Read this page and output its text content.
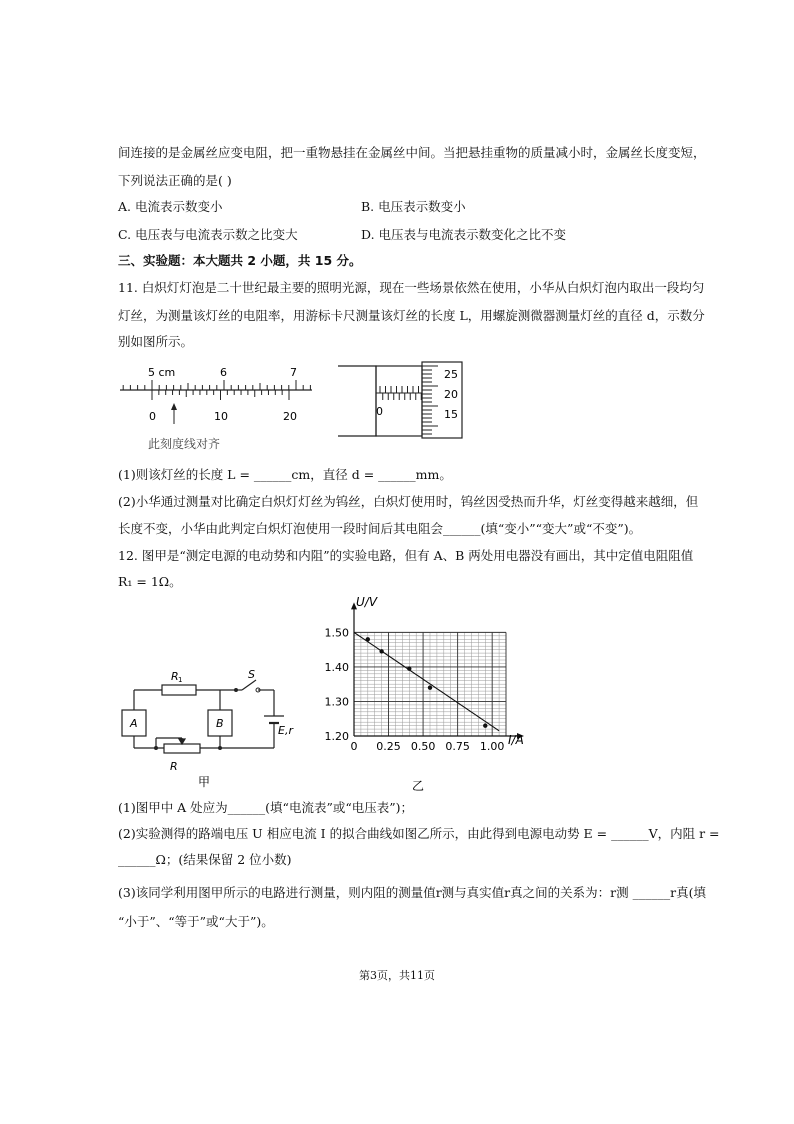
间连接的是金属丝应变电阻，把一重物悬挂在金属丝中间。当把悬挂重物的质量减小时，金属丝长度变短，
下列说法正确的是( )
A. 电流表示数变小	B. 电压表示数变小
C. 电压表与电流表示数之比变大	D. 电压表与电流表示数变化之比不变
三、实验题：本大题共 2 小题，共 15 分。
11. 白炽灯灯泡是二十世纪最主要的照明光源，现在一些场景依然在使用，小华从白炽灯泡内取出一段均匀
灯丝，为测量该灯丝的电阻率，用游标卡尺测量该灯丝的长度 L，用螺旋测微器测量灯丝的直径 d，示数分
别如图所示。
5 cm	6	7
0	10	20
此刻度线对齐
0
25
20
15
(1)则该灯丝的长度 L = ______cm，直径 d = ______mm。
(2)小华通过测量对比确定白炽灯灯丝为钨丝，白炽灯使用时，钨丝因受热而升华，灯丝变得越来越细，但
长度不变，小华由此判定白炽灯泡使用一段时间后其电阻会______(填“变小”“变大”或“不变”)。
12. 图甲是“测定电源的电动势和内阻”的实验电路，但有 A、B 两处用电器没有画出，其中定值电阻阻值
R₁ = 1Ω。
R 1	S
E,r
A	B
R
甲
0 0.25 0.50 0.75 1.00
1.20
1.30
1.40
1.50
U/V
I/A
乙
(1)图甲中 A 处应为______(填“电流表”或“电压表”)；
(2)实验测得的路端电压 U 相应电流 I 的拟合曲线如图乙所示，由此得到电源电动势 E = ______V，内阻 r =
______Ω；(结果保留 2 位小数)
(3)该同学利用图甲所示的电路进行测量，则内阻的测量值r测与真实值r真之间的关系为：r测 ______r真(填
“小于”、“等于”或“大于”)。
第3页，共11页
